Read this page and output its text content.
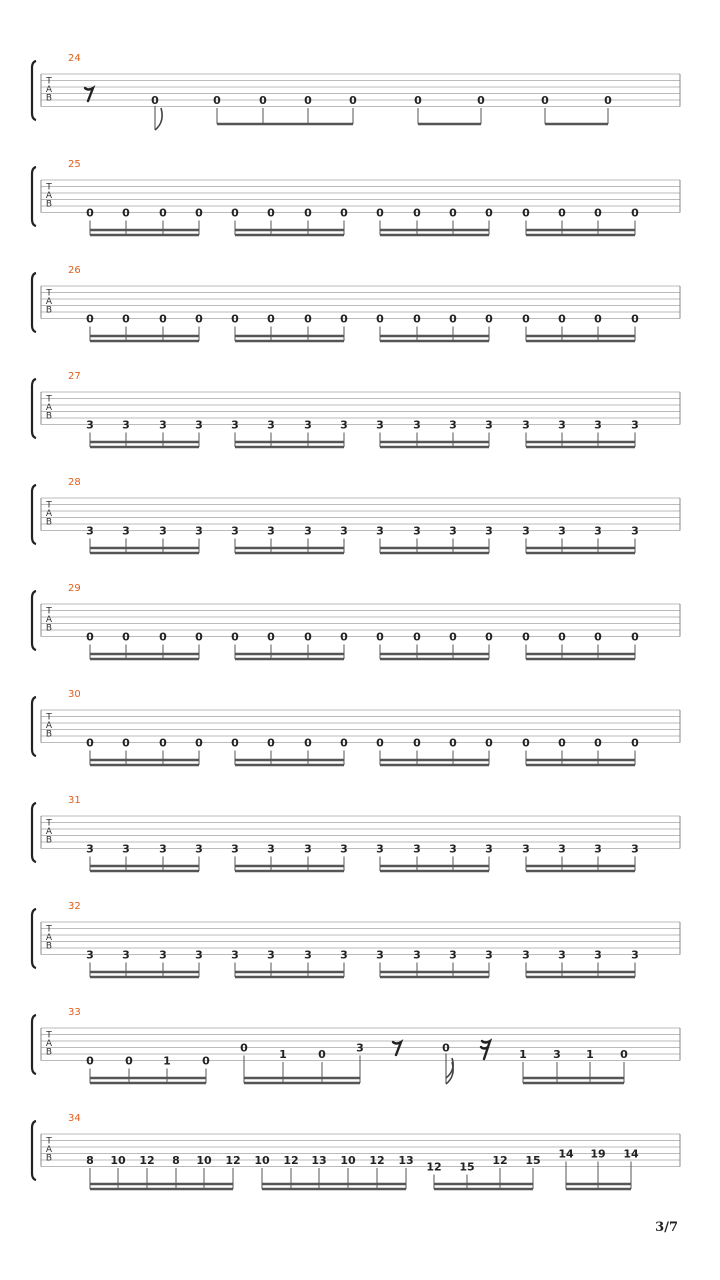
T
A
B
24
0	0	0	0	0	0	0	0	0
T
A
B
25
0	0	0	0	0	0	0	0	0	0	0	0	0	0	0	0
T
A
B
26
0	0	0	0	0	0	0	0	0	0	0	0	0	0	0	0
T
A
B
27
3	3	3	3	3	3	3	3	3	3	3	3	3	3	3	3
T
A
B
28
3	3	3	3	3	3	3	3	3	3	3	3	3	3	3	3
T
A
B
29
0	0	0	0	0	0	0	0	0	0	0	0	0	0	0	0
T
A
B
30
0	0	0	0	0	0	0	0	0	0	0	0	0	0	0	0
T
A
B
31
3	3	3	3	3	3	3	3	3	3	3	3	3	3	3	3
T
A
B
32
3	3	3	3	3	3	3	3	3	3	3	3	3	3	3	3
T
A
B
33
0	0	1	0
0	1	0	3	0	1 3 1 0
T
A
B
34
8 10 12 8 10 12 10 12 13 10 12 13 12 15 12 15 14 19 14
3/7
